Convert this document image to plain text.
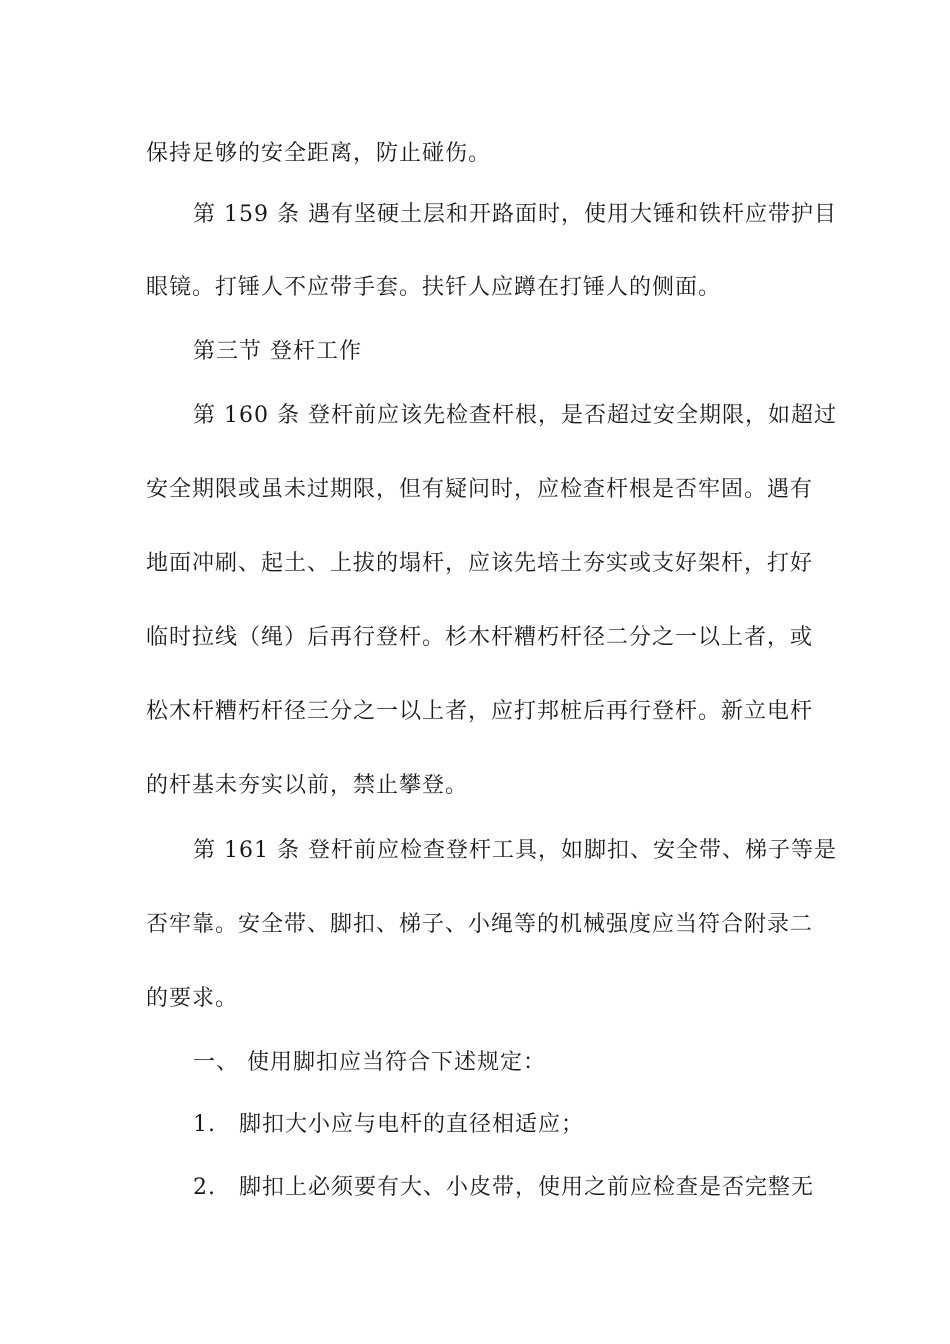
保持足够的安全距离，防止碰伤。
第 159 条 遇有坚硬土层和开路面时，使用大锤和铁杆应带护目
眼镜。打锤人不应带手套。扶钎人应蹲在打锤人的侧面。
第三节 登杆工作
第 160 条 登杆前应该先检查杆根，是否超过安全期限，如超过
安全期限或虽未过期限，但有疑问时，应检查杆根是否牢固。遇有
地面冲刷、起土、上拔的塌杆，应该先培土夯实或支好架杆，打好
临时拉线（绳）后再行登杆。杉木杆糟朽杆径二分之一以上者，或
松木杆糟朽杆径三分之一以上者，应打邦桩后再行登杆。新立电杆
的杆基未夯实以前，禁止攀登。
第 161 条 登杆前应检查登杆工具，如脚扣、安全带、梯子等是
否牢靠。安全带、脚扣、梯子、小绳等的机械强度应当符合附录二
的要求。
一、 使用脚扣应当符合下述规定：
1. 脚扣大小应与电杆的直径相适应；
2. 脚扣上必须要有大、小皮带，使用之前应检查是否完整无
